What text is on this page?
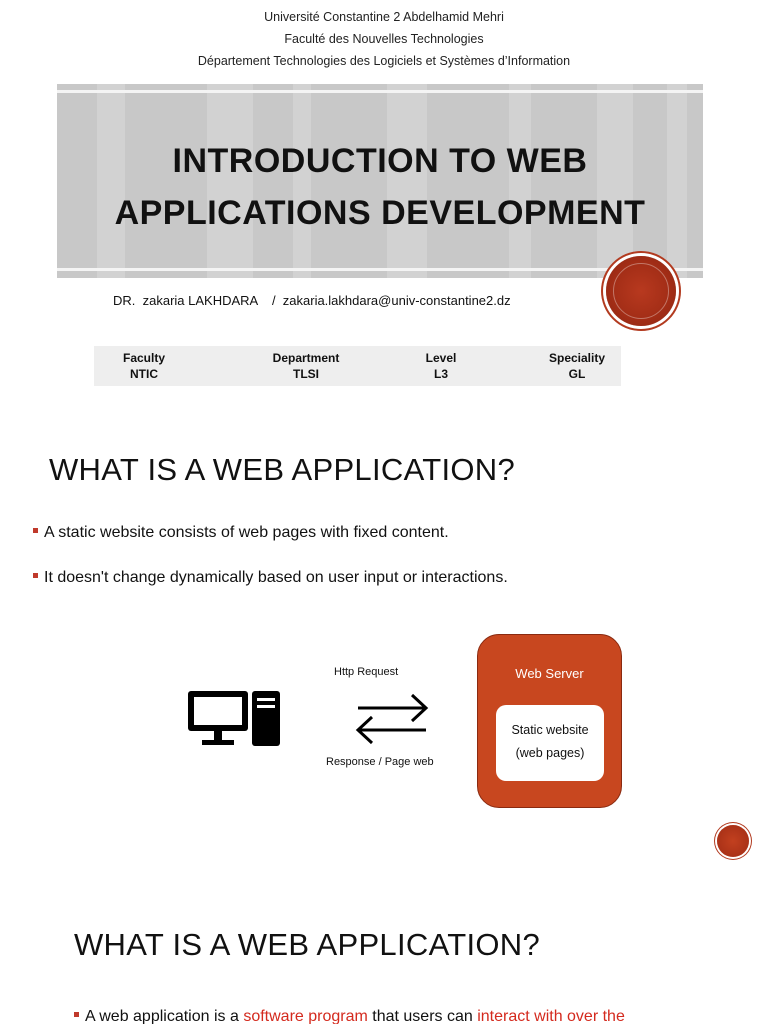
Université Constantine 2 Abdelhamid Mehri
Faculté des Nouvelles Technologies
Département Technologies des Logiciels et Systèmes d’Information
INTRODUCTION TO WEB
APPLICATIONS DEVELOPMENT
DR.  zakaria LAKHDARA    /  zakaria.lakhdara@univ-constantine2.dz
Faculty
NTIC
Department
TLSI
Level
L3
Speciality
GL
WHAT IS A WEB APPLICATION?
A static website consists of web pages with fixed content.
It doesn't change dynamically based on user input or interactions.
Http Request
Response / Page web
Web Server
Static website
(web pages)
WHAT IS A WEB APPLICATION?
A web application is a software program that users can interact with over the
